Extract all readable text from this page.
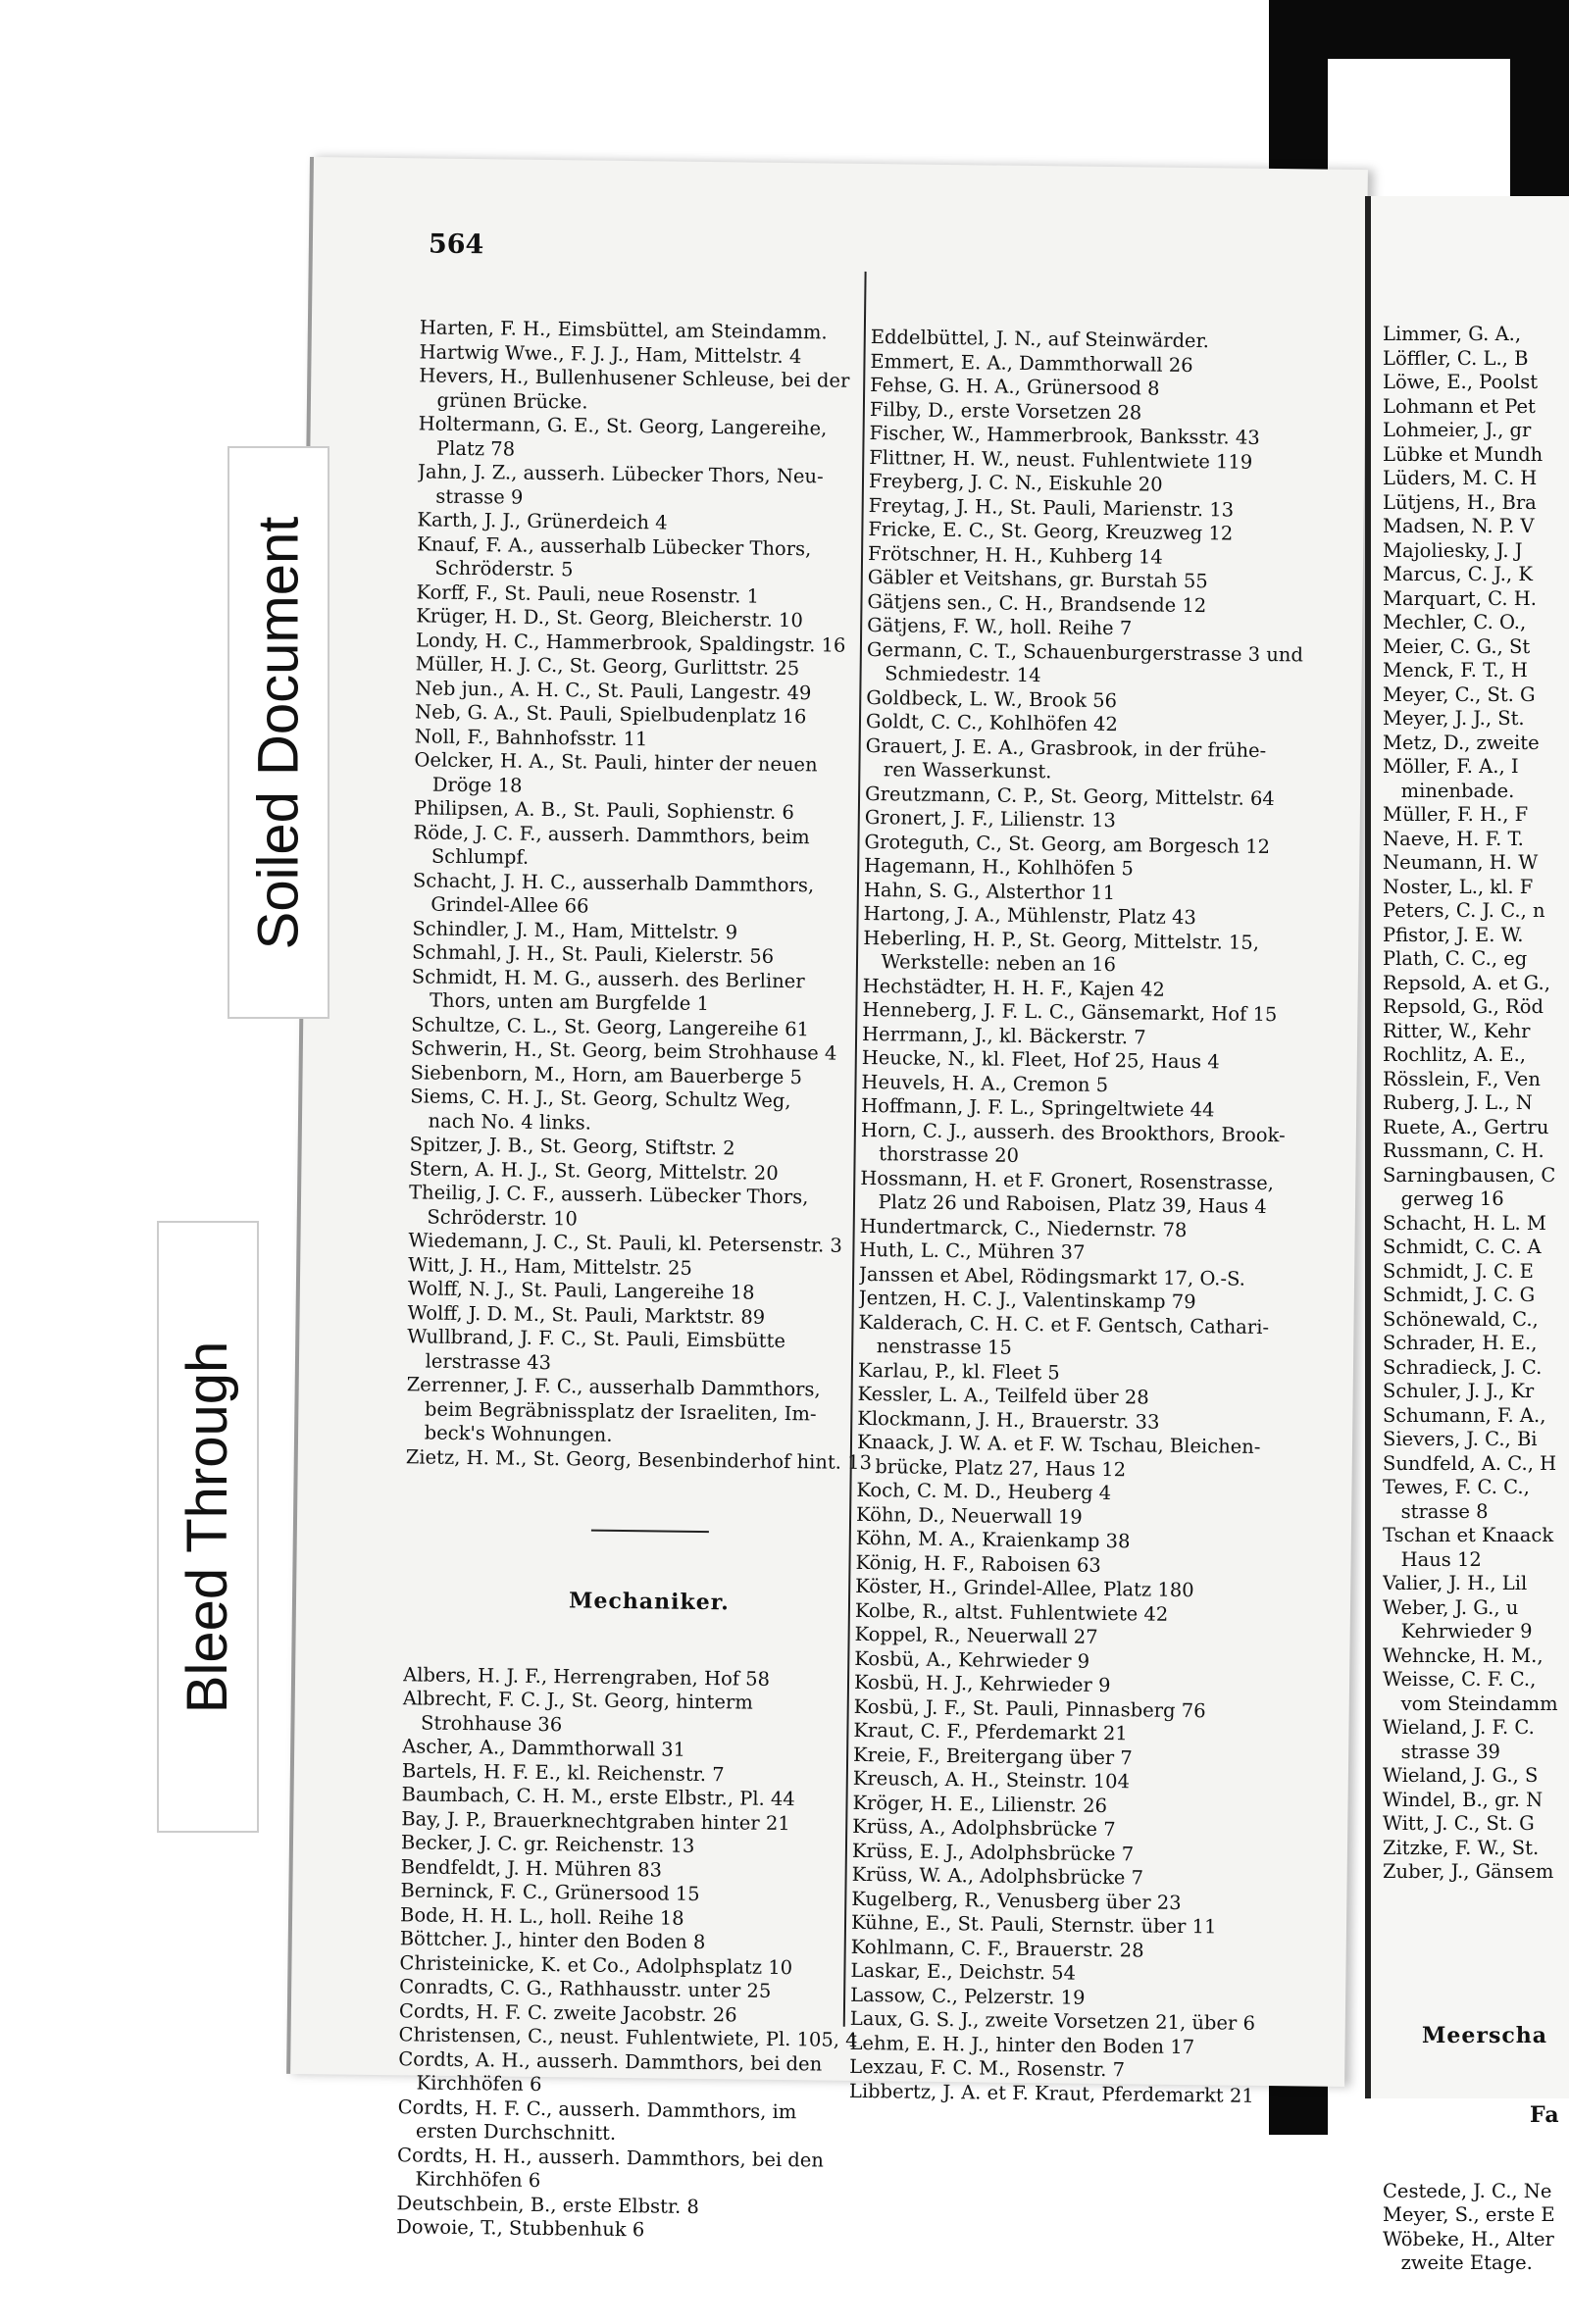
564

Harten, F. H., Eimsbüttel, am Steindamm.
Hartwig Wwe., F. J. J., Ham, Mittelstr. 4
Hevers, H., Bullenhusener Schleuse, bei der
grünen Brücke.
Holtermann, G. E., St. Georg, Langereihe,
Platz 78
Jahn, J. Z., ausserh. Lübecker Thors, Neu-
strasse 9
Karth, J. J., Grünerdeich 4
Knauf, F. A., ausserhalb Lübecker Thors,
Schröderstr. 5
Korff, F., St. Pauli, neue Rosenstr. 1
Krüger, H. D., St. Georg, Bleicherstr. 10
Londy, H. C., Hammerbrook, Spaldingstr. 16
Müller, H. J. C., St. Georg, Gurlittstr. 25
Neb jun., A. H. C., St. Pauli, Langestr. 49
Neb, G. A., St. Pauli, Spielbudenplatz 16
Noll, F., Bahnhofsstr. 11
Oelcker, H. A., St. Pauli, hinter der neuen
Dröge 18
Philipsen, A. B., St. Pauli, Sophienstr. 6
Röde, J. C. F., ausserh. Dammthors, beim
Schlumpf.
Schacht, J. H. C., ausserhalb Dammthors,
Grindel-Allee 66
Schindler, J. M., Ham, Mittelstr. 9
Schmahl, J. H., St. Pauli, Kielerstr. 56
Schmidt, H. M. G., ausserh. des Berliner
Thors, unten am Burgfelde 1
Schultze, C. L., St. Georg, Langereihe 61
Schwerin, H., St. Georg, beim Strohhause 4
Siebenborn, M., Horn, am Bauerberge 5
Siems, C. H. J., St. Georg, Schultz Weg,
nach No. 4 links.
Spitzer, J. B., St. Georg, Stiftstr. 2
Stern, A. H. J., St. Georg, Mittelstr. 20
Theilig, J. C. F., ausserh. Lübecker Thors,
Schröderstr. 10
Wiedemann, J. C., St. Pauli, kl. Petersenstr. 3
Witt, J. H., Ham, Mittelstr. 25
Wolff, N. J., St. Pauli, Langereihe 18
Wolff, J. D. M., St. Pauli, Marktstr. 89
Wullbrand, J. F. C., St. Pauli, Eimsbütte
lerstrasse 43
Zerrenner, J. F. C., ausserhalb Dammthors,
beim Begräbnissplatz der Israeliten, Im-
beck's Wohnungen.
Zietz, H. M., St. Georg, Besenbinderhof hint. 13

Mechaniker.

Albers, H. J. F., Herrengraben, Hof 58
Albrecht, F. C. J., St. Georg, hinterm
Strohhause 36
Ascher, A., Dammthorwall 31
Bartels, H. F. E., kl. Reichenstr. 7
Baumbach, C. H. M., erste Elbstr., Pl. 44
Bay, J. P., Brauerknechtgraben hinter 21
Becker, J. C. gr. Reichenstr. 13
Bendfeldt, J. H. Mühren 83
Berninck, F. C., Grünersood 15
Bode, H. H. L., holl. Reihe 18
Böttcher. J., hinter den Boden 8
Christeinicke, K. et Co., Adolphsplatz 10
Conradts, C. G., Rathhausstr. unter 25
Cordts, H. F. C. zweite Jacobstr. 26
Christensen, C., neust. Fuhlentwiete, Pl. 105, 4
Cordts, A. H., ausserh. Dammthors, bei den
Kirchhöfen 6
Cordts, H. F. C., ausserh. Dammthors, im
ersten Durchschnitt.
Cordts, H. H., ausserh. Dammthors, bei den
Kirchhöfen 6
Deutschbein, B., erste Elbstr. 8
Dowoie, T., Stubbenhuk 6

Eddelbüttel, J. N., auf Steinwärder.
Emmert, E. A., Dammthorwall 26
Fehse, G. H. A., Grünersood 8
Filby, D., erste Vorsetzen 28
Fischer, W., Hammerbrook, Banksstr. 43
Flittner, H. W., neust. Fuhlentwiete 119
Freyberg, J. C. N., Eiskuhle 20
Freytag, J. H., St. Pauli, Marienstr. 13
Fricke, E. C., St. Georg, Kreuzweg 12
Frötschner, H. H., Kuhberg 14
Gäbler et Veitshans, gr. Burstah 55
Gätjens sen., C. H., Brandsende 12
Gätjens, F. W., holl. Reihe 7
Germann, C. T., Schauenburgerstrasse 3 und
Schmiedestr. 14
Goldbeck, L. W., Brook 56
Goldt, C. C., Kohlhöfen 42
Grauert, J. E. A., Grasbrook, in der frühe-
ren Wasserkunst.
Greutzmann, C. P., St. Georg, Mittelstr. 64
Gronert, J. F., Lilienstr. 13
Groteguth, C., St. Georg, am Borgesch 12
Hagemann, H., Kohlhöfen 5
Hahn, S. G., Alsterthor 11
Hartong, J. A., Mühlenstr, Platz 43
Heberling, H. P., St. Georg, Mittelstr. 15,
Werkstelle: neben an 16
Hechstädter, H. H. F., Kajen 42
Henneberg, J. F. L. C., Gänsemarkt, Hof 15
Herrmann, J., kl. Bäckerstr. 7
Heucke, N., kl. Fleet, Hof 25, Haus 4
Heuvels, H. A., Cremon 5
Hoffmann, J. F. L., Springeltwiete 44
Horn, C. J., ausserh. des Brookthors, Brook-
thorstrasse 20
Hossmann, H. et F. Gronert, Rosenstrasse,
Platz 26 und Raboisen, Platz 39, Haus 4
Hundertmarck, C., Niedernstr. 78
Huth, L. C., Mühren 37
Janssen et Abel, Rödingsmarkt 17, O.-S.
Jentzen, H. C. J., Valentinskamp 79
Kalderach, C. H. C. et F. Gentsch, Cathari-
nenstrasse 15
Karlau, P., kl. Fleet 5
Kessler, L. A., Teilfeld über 28
Klockmann, J. H., Brauerstr. 33
Knaack, J. W. A. et F. W. Tschau, Bleichen-
brücke, Platz 27, Haus 12
Koch, C. M. D., Heuberg 4
Köhn, D., Neuerwall 19
Köhn, M. A., Kraienkamp 38
König, H. F., Raboisen 63
Köster, H., Grindel-Allee, Platz 180
Kolbe, R., altst. Fuhlentwiete 42
Koppel, R., Neuerwall 27
Kosbü, A., Kehrwieder 9
Kosbü, H. J., Kehrwieder 9
Kosbü, J. F., St. Pauli, Pinnasberg 76
Kraut, C. F., Pferdemarkt 21
Kreie, F., Breitergang über 7
Kreusch, A. H., Steinstr. 104
Kröger, H. E., Lilienstr. 26
Krüss, A., Adolphsbrücke 7
Krüss, E. J., Adolphsbrücke 7
Krüss, W. A., Adolphsbrücke 7
Kugelberg, R., Venusberg über 23
Kühne, E., St. Pauli, Sternstr. über 11
Kohlmann, C. F., Brauerstr. 28
Laskar, E., Deichstr. 54
Lassow, C., Pelzerstr. 19
Laux, G. S. J., zweite Vorsetzen 21, über 6
Lehm, E. H. J., hinter den Boden 17
Lexzau, F. C. M., Rosenstr. 7
Libbertz, J. A. et F. Kraut, Pferdemarkt 21

Limmer, G. A.,
Löffler, C. L., B
Löwe, E., Poolst
Lohmann et Pet
Lohmeier, J., gr
Lübke et Mundh
Lüders, M. C. H
Lütjens, H., Bra
Madsen, N. P. V
Majoliesky, J. J
Marcus, C. J., K
Marquart, C. H.
Mechler, C. O.,
Meier, C. G., St
Menck, F. T., H
Meyer, C., St. G
Meyer, J. J., St.
Metz, D., zweite
Möller, F. A., I
minenbade.
Müller, F. H., F
Naeve, H. F. T.
Neumann, H. W
Noster, L., kl. F
Peters, C. J. C., n
Pfistor, J. E. W.
Plath, C. C., eg
Repsold, A. et G.,
Repsold, G., Röd
Ritter, W., Kehr
Rochlitz, A. E.,
Rösslein, F., Ven
Ruberg, J. L., N
Ruete, A., Gertru
Russmann, C. H.
Sarningbausen, C
gerweg 16
Schacht, H. L. M
Schmidt, C. C. A
Schmidt, J. C. E
Schmidt, J. C. G
Schönewald, C.,
Schrader, H. E.,
Schradieck, J. C.
Schuler, J. J., Kr
Schumann, F. A.,
Sievers, J. C., Bi
Sundfeld, A. C., H
Tewes, F. C. C.,
strasse 8
Tschan et Knaack
Haus 12
Valier, J. H., Lil
Weber, J. G., u
Kehrwieder 9
Wehncke, H. M.,
Weisse, C. F. C.,
vom Steindamm
Wieland, J. F. C.
strasse 39
Wieland, J. G., S
Windel, B., gr. N
Witt, J. C., St. G
Zitzke, F. W., St.
Zuber, J., Gänsem

Meerscha

Fa

Cestede, J. C., Ne
Meyer, S., erste E
Wöbeke, H., Alter
zweite Etage.

Soiled Document
Bleed Through
